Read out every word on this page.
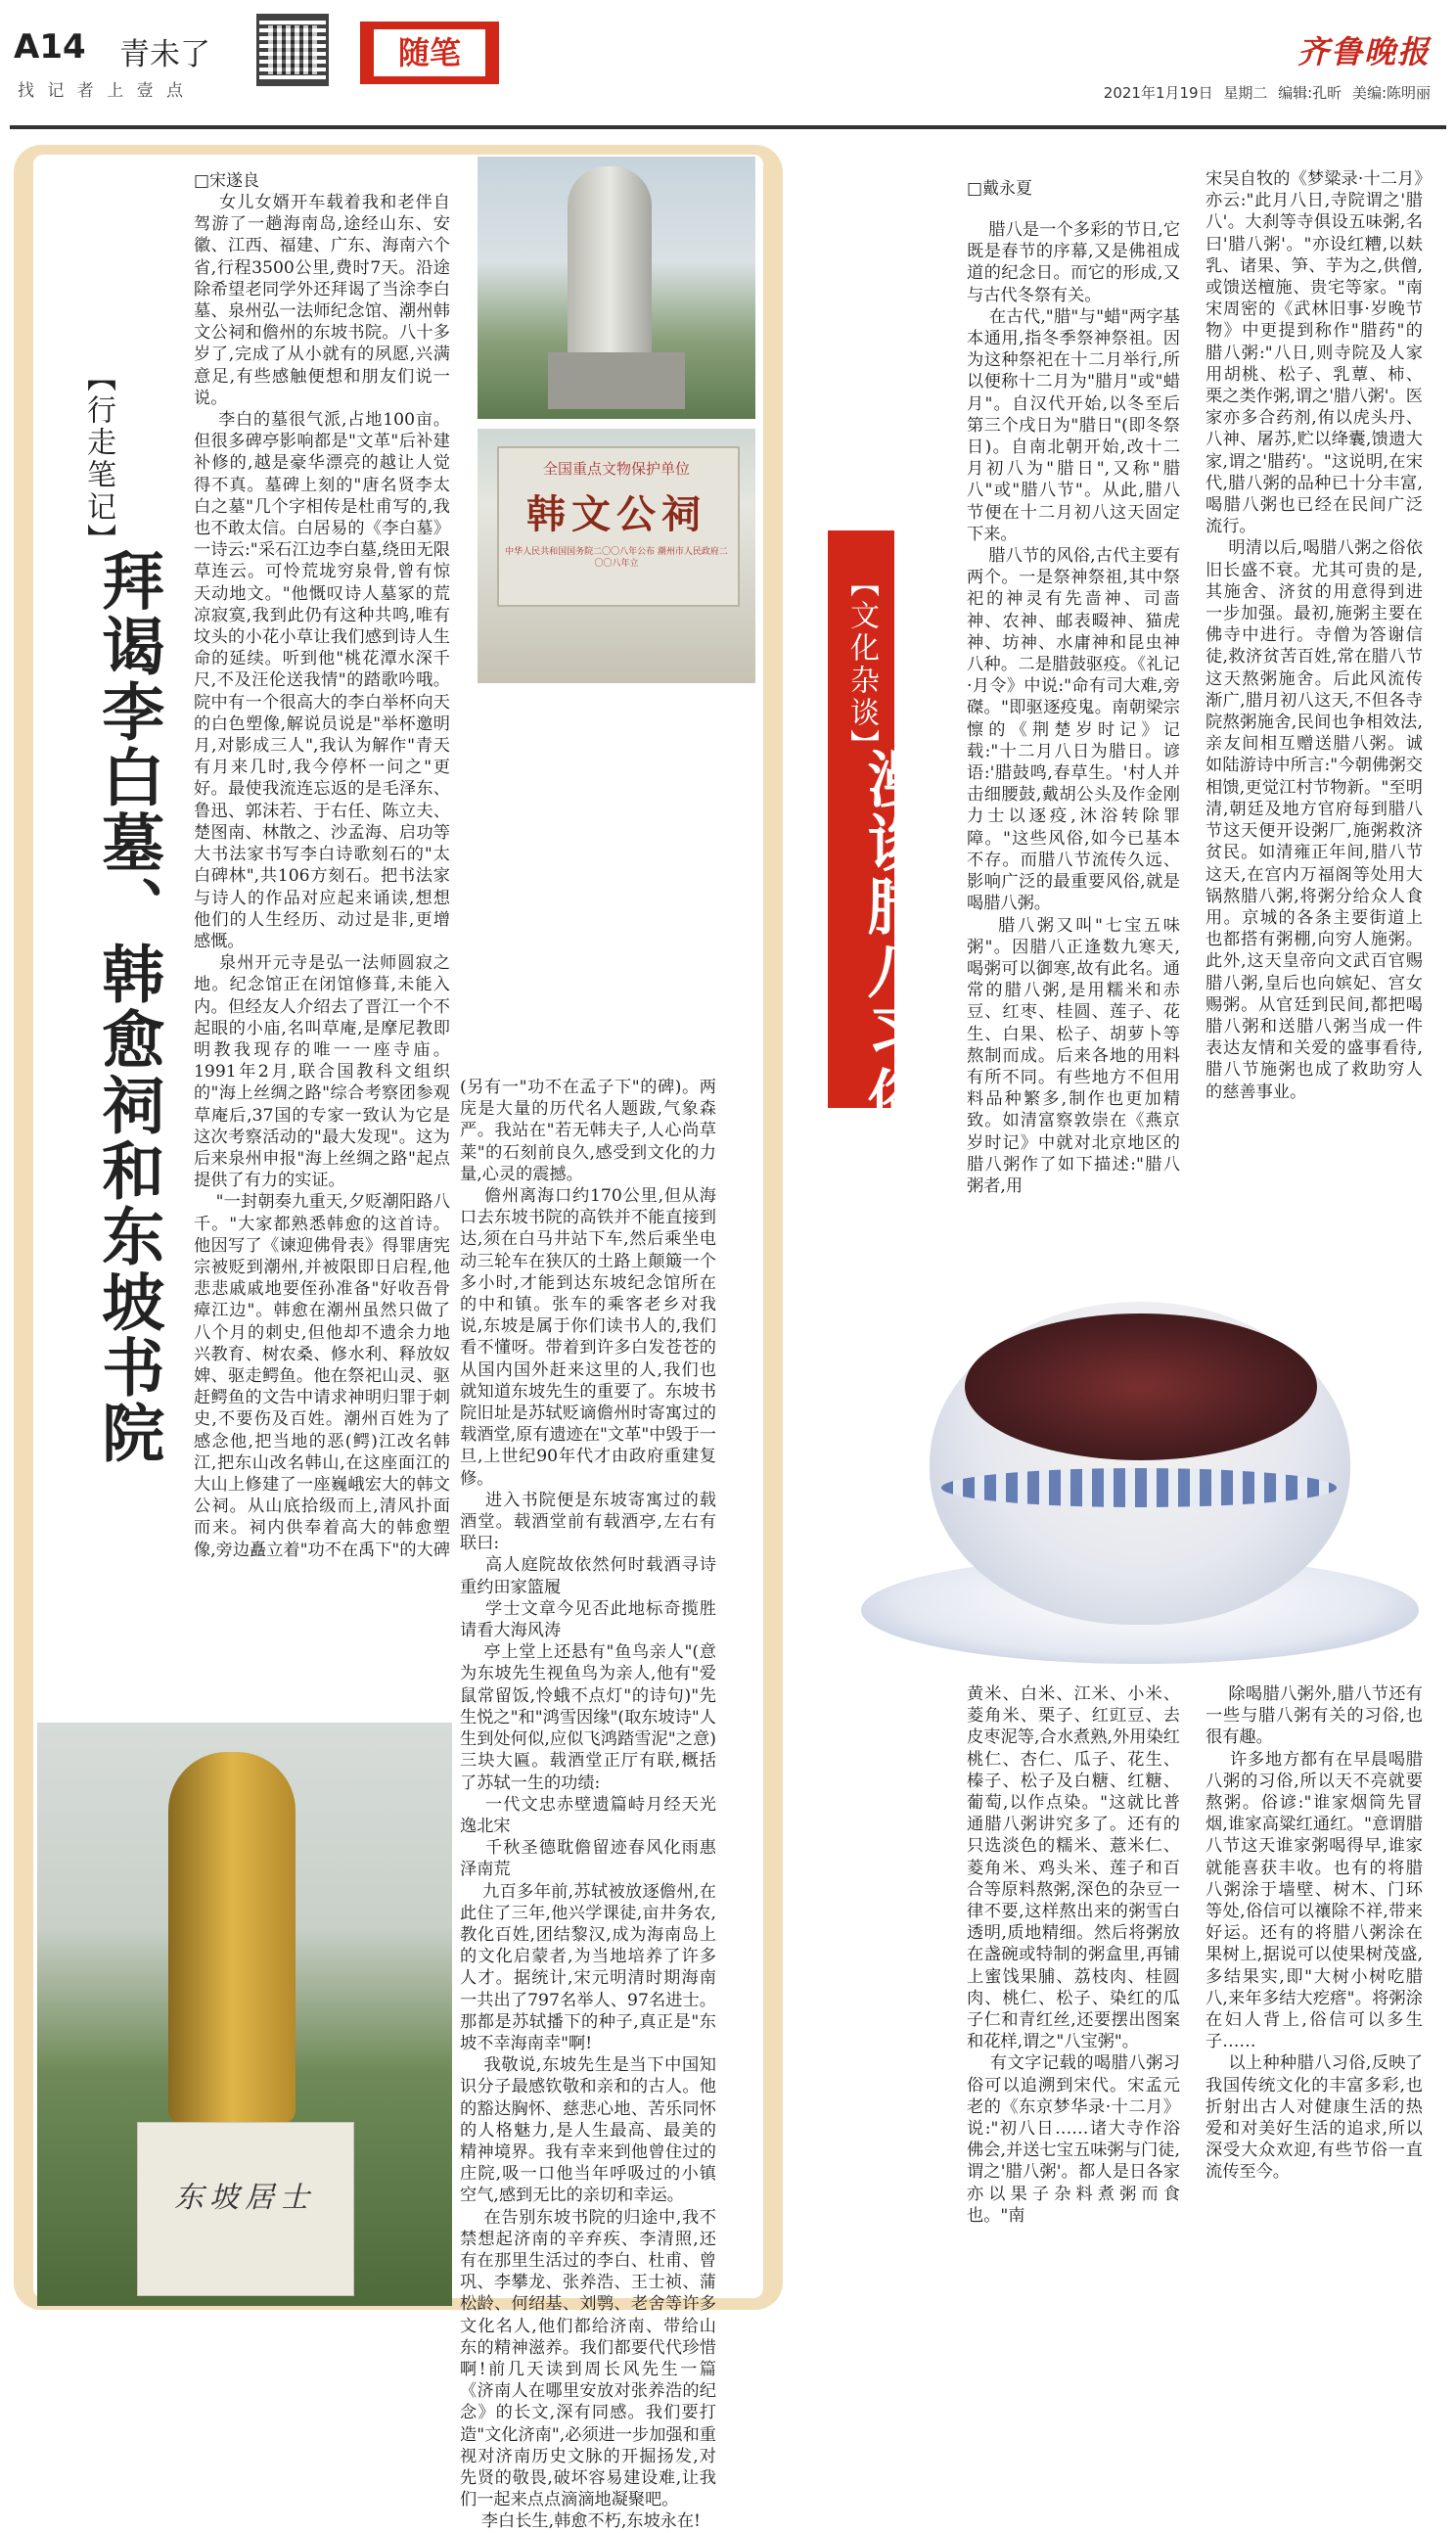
A14 青未了
找 记 者 上 壹 点
随笔	齐鲁晚报
2021年1月19日 星期二 编辑:孔昕 美编:陈明丽
【行走笔记】
拜谒李白墓、韩愈祠和东坡书院
□宋遂良
女儿女婿开车载着我和老伴自驾游了一趟海南岛,途经山东、安徽、江西、福建、广东、海南六个省,行程3500公里,费时7天。沿途除希望老同学外还拜谒了当涂李白墓、泉州弘一法师纪念馆、潮州韩文公祠和儋州的东坡书院。八十多岁了,完成了从小就有的夙愿,兴满意足,有些感触便想和朋友们说一说。
李白的墓很气派,占地100亩。但很多碑亭影响都是"文革"后补建补修的,越是豪华漂亮的越让人觉得不真。墓碑上刻的"唐名贤李太白之墓"几个字相传是杜甫写的,我也不敢太信。白居易的《李白墓》一诗云:"采石江边李白墓,绕田无限草连云。可怜荒垅穷泉骨,曾有惊天动地文。"他慨叹诗人墓冢的荒凉寂寞,我到此仍有这种共鸣,唯有坟头的小花小草让我们感到诗人生命的延续。听到他"桃花潭水深千尺,不及汪伦送我情"的踏歌吟哦。院中有一个很高大的李白举杯向天的白色塑像,解说员说是"举杯邀明月,对影成三人",我认为解作"青天有月来几时,我今停杯一问之"更好。最使我流连忘返的是毛泽东、鲁迅、郭沫若、于右任、陈立夫、楚图南、林散之、沙孟海、启功等大书法家书写李白诗歌刻石的"太白碑林",共106方刻石。把书法家与诗人的作品对应起来诵读,想想他们的人生经历、动过是非,更增感慨。
泉州开元寺是弘一法师圆寂之地。纪念馆正在闭馆修葺,未能入内。但经友人介绍去了晋江一个不起眼的小庙,名叫草庵,是摩尼教即明教我现存的唯一一座寺庙。1991年2月,联合国教科文组织的"海上丝绸之路"综合考察团参观草庵后,37国的专家一致认为它是这次考察活动的"最大发现"。这为后来泉州申报"海上丝绸之路"起点提供了有力的实证。
"一封朝奏九重天,夕贬潮阳路八千。"大家都熟悉韩愈的这首诗。他因写了《谏迎佛骨表》得罪唐宪宗被贬到潮州,并被限即日启程,他悲悲戚戚地要侄孙准备"好收吾骨瘴江边"。韩愈在潮州虽然只做了八个月的刺史,但他却不遗余力地兴教育、树农桑、修水利、释放奴婢、驱走鳄鱼。他在祭祀山灵、驱赶鳄鱼的文告中请求神明归罪于刺史,不要伤及百姓。潮州百姓为了感念他,把当地的恶(鳄)江改名韩江,把东山改名韩山,在这座面江的大山上修建了一座巍峨宏大的韩文公祠。从山底拾级而上,清风扑面而来。祠内供奉着高大的韩愈塑像,旁边矗立着"功不在禹下"的大碑
(另有一"功不在孟子下"的碑)。两庑是大量的历代名人题跋,气象森严。我站在"若无韩夫子,人心尚草莱"的石刻前良久,感受到文化的力量,心灵的震撼。
儋州离海口约170公里,但从海口去东坡书院的高铁并不能直接到达,须在白马井站下车,然后乘坐电动三轮车在狭仄的土路上颠簸一个多小时,才能到达东坡纪念馆所在的中和镇。张车的乘客老乡对我说,东坡是属于你们读书人的,我们看不懂呀。带着到许多白发苍苍的从国内国外赶来这里的人,我们也就知道东坡先生的重要了。东坡书院旧址是苏轼贬谪儋州时寄寓过的载酒堂,原有遗迹在"文革"中毁于一旦,上世纪90年代才由政府重建复修。
进入书院便是东坡寄寓过的载酒堂。载酒堂前有载酒亭,左右有联曰:
高人庭院故依然何时载酒寻诗重约田家篮履
学士文章今见否此地标奇揽胜请看大海风涛
亭上堂上还悬有"鱼鸟亲人"(意为东坡先生视鱼鸟为亲人,他有"爱鼠常留饭,怜蛾不点灯"的诗句)"先生悦之"和"鸿雪因缘"(取东坡诗"人生到处何似,应似飞鸿踏雪泥"之意)三块大匾。载酒堂正厅有联,概括了苏轼一生的功绩:
一代文忠赤壁遗篇峙月经天光逸北宋
千秋圣德耽儋留迹春风化雨惠泽南荒
九百多年前,苏轼被放逐儋州,在此住了三年,他兴学课徒,亩井务农,教化百姓,团结黎汉,成为海南岛上的文化启蒙者,为当地培养了许多人才。据统计,宋元明清时期海南一共出了797名举人、97名进士。那都是苏轼播下的种子,真正是"东坡不幸海南幸"啊!
我敬说,东坡先生是当下中国知识分子最感钦敬和亲和的古人。他的豁达胸怀、慈悲心地、苦乐同怀的人格魅力,是人生最高、最美的精神境界。我有幸来到他曾住过的庄院,吸一口他当年呼吸过的小镇空气,感到无比的亲切和幸运。
在告别东坡书院的归途中,我不禁想起济南的辛弃疾、李清照,还有在那里生活过的李白、杜甫、曾巩、李攀龙、张养浩、王士祯、蒲松龄、何绍基、刘鹗、老舍等许多文化名人,他们都给济南、带给山东的精神滋养。我们都要代代珍惜啊!前几天读到周长风先生一篇《济南人在哪里安放对张养浩的纪念》的长文,深有同感。我们要打造"文化济南",必须进一步加强和重视对济南历史文脉的开掘扬发,对先贤的敬畏,破坏容易建设难,让我们一起来点点滴滴地凝聚吧。
李白长生,韩愈不朽,东坡永在!
全国重点文物保护单位
韩文公祠
中华人民共和国国务院二〇〇八年公布 潮州市人民政府二〇〇八年立
东坡居士
【文化杂谈】
漫谈腊八习俗
□戴永夏
腊八是一个多彩的节日,它既是春节的序幕,又是佛祖成道的纪念日。而它的形成,又与古代冬祭有关。
在古代,"腊"与"蜡"两字基本通用,指冬季祭神祭祖。因为这种祭祀在十二月举行,所以便称十二月为"腊月"或"蜡月"。自汉代开始,以冬至后第三个戌日为"腊日"(即冬祭日)。自南北朝开始,改十二月初八为"腊日",又称"腊八"或"腊八节"。从此,腊八节便在十二月初八这天固定下来。
腊八节的风俗,古代主要有两个。一是祭神祭祖,其中祭祀的神灵有先啬神、司啬神、农神、邮表畷神、猫虎神、坊神、水庸神和昆虫神八种。二是腊鼓驱疫。《礼记·月令》中说:"命有司大难,旁磔。"即驱逐疫鬼。南朝梁宗懔的《荆楚岁时记》记载:"十二月八日为腊日。谚语:'腊鼓鸣,春草生。'村人并击细腰鼓,戴胡公头及作金刚力士以逐疫,沐浴转除罪障。"这些风俗,如今已基本不存。而腊八节流传久远、影响广泛的最重要风俗,就是喝腊八粥。
腊八粥又叫"七宝五味粥"。因腊八正逢数九寒天,喝粥可以御寒,故有此名。通常的腊八粥,是用糯米和赤豆、红枣、桂圆、莲子、花生、白果、松子、胡萝卜等熬制而成。后来各地的用料有所不同。有些地方不但用料品种繁多,制作也更加精致。如清富察敦崇在《燕京岁时记》中就对北京地区的腊八粥作了如下描述:"腊八粥者,用
宋吴自牧的《梦粱录·十二月》亦云:"此月八日,寺院谓之'腊八'。大刹等寺俱设五味粥,名曰'腊八粥'。"亦设红糟,以麸乳、诸果、笋、芋为之,供僧,或馈送檀施、贵宅等家。"南宋周密的《武林旧事·岁晚节物》中更提到称作"腊药"的腊八粥:"八日,则寺院及人家用胡桃、松子、乳蕈、柿、栗之类作粥,谓之'腊八粥'。医家亦多合药剂,侑以虎头丹、八神、屠苏,贮以绛囊,馈遗大家,谓之'腊药'。"这说明,在宋代,腊八粥的品种已十分丰富,喝腊八粥也已经在民间广泛流行。
明清以后,喝腊八粥之俗依旧长盛不衰。尤其可贵的是,其施舍、济贫的用意得到进一步加强。最初,施粥主要在佛寺中进行。寺僧为答谢信徒,救济贫苦百姓,常在腊八节这天熬粥施舍。后此风流传渐广,腊月初八这天,不但各寺院熬粥施舍,民间也争相效法,亲友间相互赠送腊八粥。诚如陆游诗中所言:"今朝佛粥交相馈,更觉江村节物新。"至明清,朝廷及地方官府每到腊八节这天便开设粥厂,施粥救济贫民。如清雍正年间,腊八节这天,在宫内万福阁等处用大锅熬腊八粥,将粥分给众人食用。京城的各条主要街道上也都搭有粥棚,向穷人施粥。此外,这天皇帝向文武百官赐腊八粥,皇后也向嫔妃、宫女赐粥。从官廷到民间,都把喝腊八粥和送腊八粥当成一件表达友情和关爱的盛事看待,腊八节施粥也成了救助穷人的慈善事业。
黄米、白米、江米、小米、菱角米、栗子、红豇豆、去皮枣泥等,合水煮熟,外用染红桃仁、杏仁、瓜子、花生、榛子、松子及白糖、红糖、葡萄,以作点染。"这就比普通腊八粥讲究多了。还有的只选淡色的糯米、薏米仁、菱角米、鸡头米、莲子和百合等原料熬粥,深色的杂豆一律不要,这样熬出来的粥雪白透明,质地精细。然后将粥放在盏碗或特制的粥盒里,再铺上蜜饯果脯、荔枝肉、桂圆肉、桃仁、松子、染红的瓜子仁和青红丝,还要摆出图案和花样,谓之"八宝粥"。
有文字记载的喝腊八粥习俗可以追溯到宋代。宋孟元老的《东京梦华录·十二月》说:"初八日……诸大寺作浴佛会,并送七宝五味粥与门徒,谓之'腊八粥'。都人是日各家亦以果子杂料煮粥而食也。"南
除喝腊八粥外,腊八节还有一些与腊八粥有关的习俗,也很有趣。
许多地方都有在早晨喝腊八粥的习俗,所以天不亮就要熬粥。俗谚:"谁家烟筒先冒烟,谁家高粱红通红。"意谓腊八节这天谁家粥喝得早,谁家就能喜获丰收。也有的将腊八粥涂于墙壁、树木、门环等处,俗信可以禳除不祥,带来好运。还有的将腊八粥涂在果树上,据说可以使果树茂盛,多结果实,即"大树小树吃腊八,来年多结大疙瘩"。将粥涂在妇人背上,俗信可以多生子……
以上种种腊八习俗,反映了我国传统文化的丰富多彩,也折射出古人对健康生活的热爱和对美好生活的追求,所以深受大众欢迎,有些节俗一直流传至今。
